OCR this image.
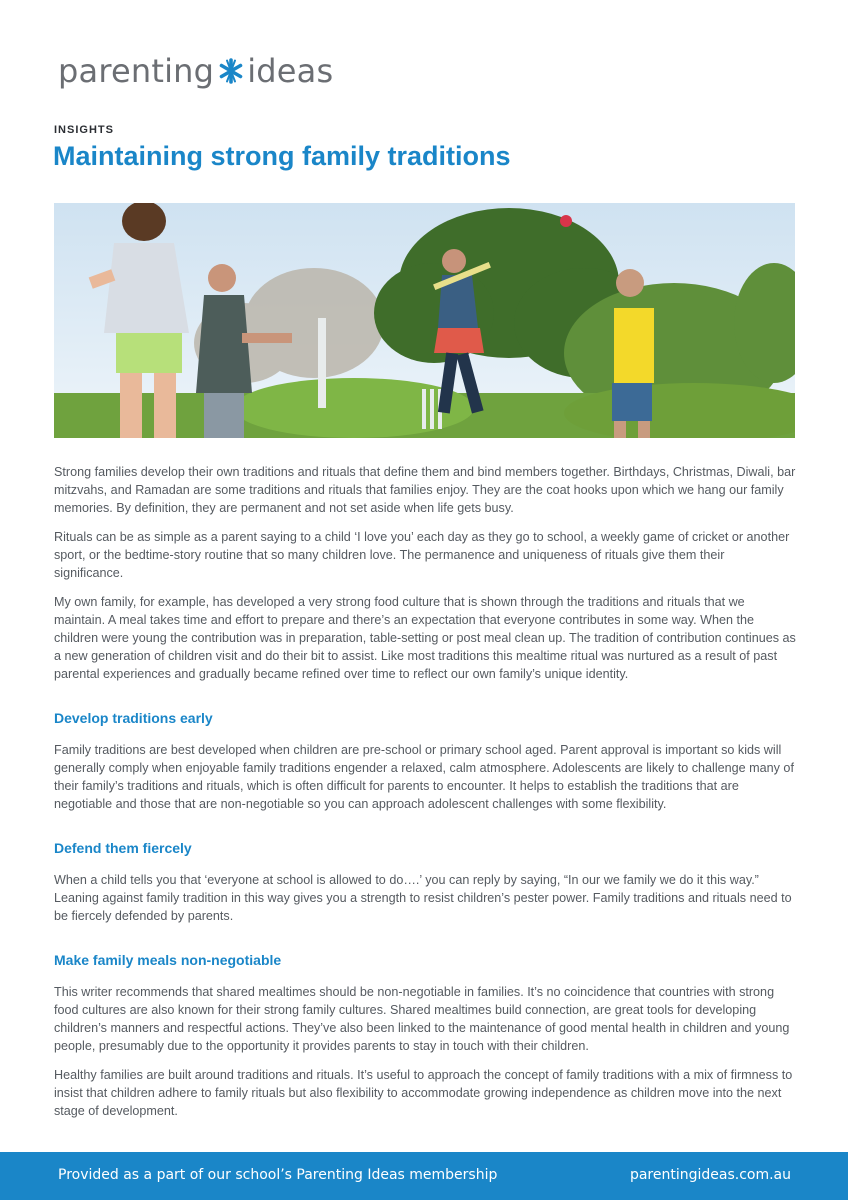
parenting ideas
INSIGHTS
Maintaining strong family traditions

Strong families develop their own traditions and rituals that define them and bind members together. Birthdays, Christmas, Diwali, bar mitzvahs, and Ramadan are some traditions and rituals that families enjoy. They are the coat hooks upon which we hang our family memories. By definition, they are permanent and not set aside when life gets busy.

Rituals can be as simple as a parent saying to a child ‘I love you’ each day as they go to school, a weekly game of cricket or another sport, or the bedtime-story routine that so many children love. The permanence and uniqueness of rituals give them their significance.

My own family, for example, has developed a very strong food culture that is shown through the traditions and rituals that we maintain. A meal takes time and effort to prepare and there’s an expectation that everyone contributes in some way. When the children were young the contribution was in preparation, table-setting or post meal clean up. The tradition of contribution continues as a new generation of children visit and do their bit to assist. Like most traditions this mealtime ritual was nurtured as a result of past parental experiences and gradually became refined over time to reflect our own family’s unique identity.

Develop traditions early

Family traditions are best developed when children are pre-school or primary school aged. Parent approval is important so kids will generally comply when enjoyable family traditions engender a relaxed, calm atmosphere. Adolescents are likely to challenge many of their family’s traditions and rituals, which is often difficult for parents to encounter. It helps to establish the traditions that are negotiable and those that are non-negotiable so you can approach adolescent challenges with some flexibility.

Defend them fiercely

When a child tells you that ‘everyone at school is allowed to do….’ you can reply by saying, “In our we family we do it this way.” Leaning against family tradition in this way gives you a strength to resist children’s pester power. Family traditions and rituals need to be fiercely defended by parents.

Make family meals non-negotiable

This writer recommends that shared mealtimes should be non-negotiable in families. It’s no coincidence that countries with strong food cultures are also known for their strong family cultures. Shared mealtimes build connection, are great tools for developing children’s manners and respectful actions. They’ve also been linked to the maintenance of good mental health in children and young people, presumably due to the opportunity it provides parents to stay in touch with their children.

Healthy families are built around traditions and rituals. It’s useful to approach the concept of family traditions with a mix of firmness to insist that children adhere to family rituals but also flexibility to accommodate growing independence as children move into the next stage of development.

Provided as a part of our school’s Parenting Ideas membership	parentingideas.com.au
